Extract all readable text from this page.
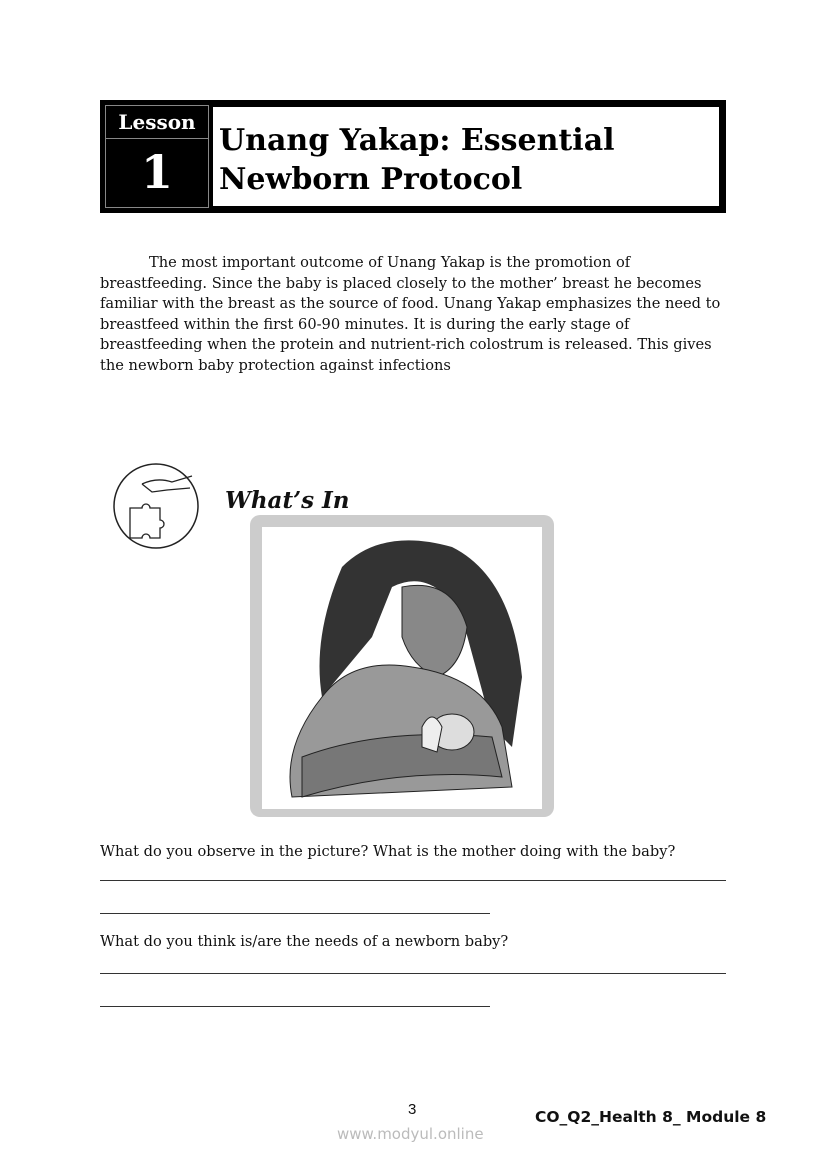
Lesson
1
Unang Yakap: Essential
Newborn Protocol
The most important outcome of Unang Yakap is the promotion of breastfeeding. Since the baby is placed closely to the mother’ breast he becomes familiar with the breast as the source of food. Unang Yakap emphasizes the need to breastfeed within the first 60-90 minutes. It is during the early stage of breastfeeding when the protein and nutrient-rich colostrum is released. This gives the newborn baby protection against infections
What’s In
What do you observe in the picture? What is the mother doing with the baby?
What do you think is/are the needs of a newborn baby?
3	CO_Q2_Health 8_ Module 8
www.modyul.online
